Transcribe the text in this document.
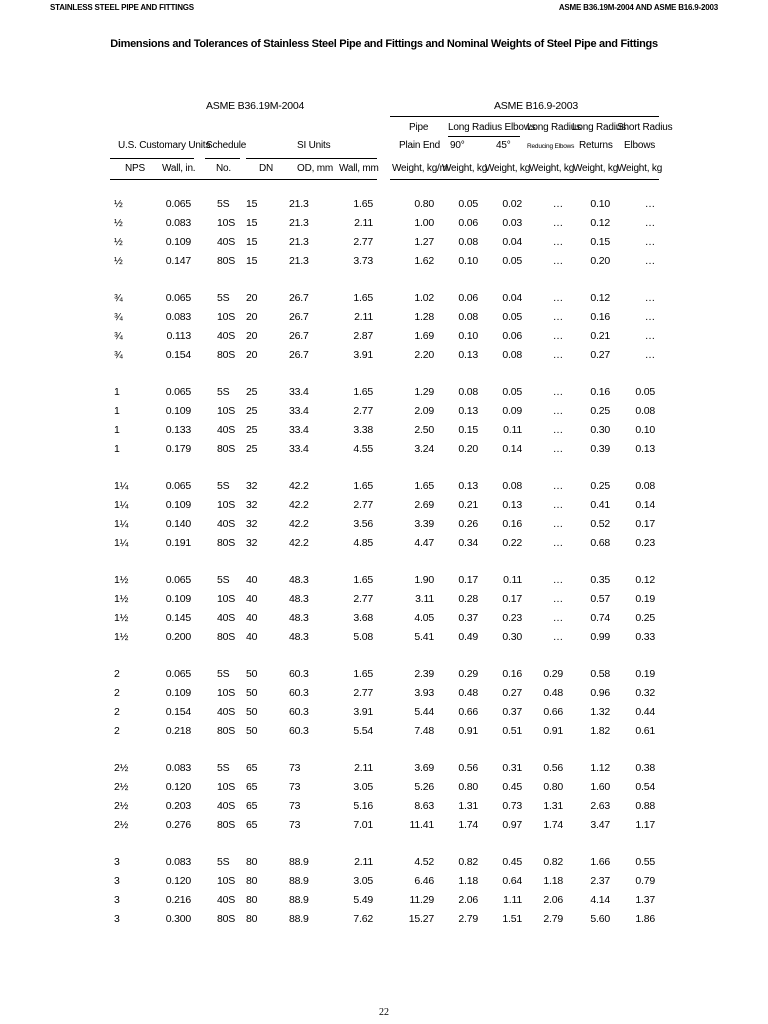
STAINLESS STEEL PIPE AND FITTINGS	ASME B36.19M-2004 AND ASME B16.9-2003
Dimensions and Tolerances of Stainless Steel Pipe and Fittings and Nominal Weights of Steel Pipe and Fittings
ASME B36.19M-2004	ASME B16.9-2003
Pipe Long Radius Elbows
Long Radius
Long Radius
Short Radius
U.S. Customary Units
Schedule	SI Units	Plain End 90°	45°	Reducing Elbows Returns Elbows
NPS Wall, in. No.	DN OD, mm Wall, mm Weight, kg/m
Weight, kg
Weight, kg
Weight, kg
Weight, kg
Weight, kg
½	0.065 5S 15	21.3	1.65	0.80 0.05 0.02	…	0.10	…
½	0.083 10S 15	21.3	2.11	1.00 0.06 0.03	…	0.12	…
½	0.109 40S 15	21.3	2.77	1.27 0.08 0.04	…	0.15	…
½	0.147 80S 15	21.3	3.73	1.62 0.10 0.05	…	0.20	…
¾	0.065 5S 20	26.7	1.65	1.02 0.06 0.04	…	0.12	…
¾	0.083 10S 20	26.7	2.11	1.28 0.08 0.05	…	0.16	…
¾	0.113 40S 20	26.7	2.87	1.69 0.10 0.06	…	0.21	…
¾	0.154 80S 20	26.7	3.91	2.20 0.13 0.08	…	0.27	…
1	0.065 5S 25	33.4	1.65	1.29 0.08 0.05	…	0.16 0.05
1	0.109 10S 25	33.4	2.77	2.09 0.13 0.09	…	0.25 0.08
1	0.133 40S 25	33.4	3.38	2.50 0.15 0.11	…	0.30 0.10
1	0.179 80S 25	33.4	4.55	3.24 0.20 0.14	…	0.39 0.13
1¼	0.065 5S 32	42.2	1.65	1.65 0.13 0.08	…	0.25 0.08
1¼	0.109 10S 32	42.2	2.77	2.69 0.21 0.13	…	0.41 0.14
1¼	0.140 40S 32	42.2	3.56	3.39 0.26 0.16	…	0.52 0.17
1¼	0.191 80S 32	42.2	4.85	4.47 0.34 0.22	…	0.68 0.23
1½	0.065 5S 40	48.3	1.65	1.90 0.17 0.11	…	0.35 0.12
1½	0.109 10S 40	48.3	2.77	3.11 0.28 0.17	…	0.57 0.19
1½	0.145 40S 40	48.3	3.68	4.05 0.37 0.23	…	0.74 0.25
1½	0.200 80S 40	48.3	5.08	5.41 0.49 0.30	…	0.99 0.33
2	0.065 5S 50	60.3	1.65	2.39 0.29 0.16 0.29	0.58 0.19
2	0.109 10S 50	60.3	2.77	3.93 0.48 0.27 0.48	0.96 0.32
2	0.154 40S 50	60.3	3.91	5.44 0.66 0.37 0.66	1.32 0.44
2	0.218 80S 50	60.3	5.54	7.48 0.91 0.51 0.91	1.82 0.61
2½	0.083 5S 65	73	2.11	3.69 0.56 0.31 0.56	1.12 0.38
2½	0.120 10S 65	73	3.05	5.26 0.80 0.45 0.80	1.60 0.54
2½	0.203 40S 65	73	5.16	8.63 1.31 0.73 1.31	2.63 0.88
2½	0.276 80S 65	73	7.01	11.41 1.74 0.97 1.74	3.47 1.17
3	0.083 5S 80	88.9	2.11	4.52 0.82 0.45 0.82	1.66 0.55
3	0.120 10S 80	88.9	3.05	6.46 1.18 0.64 1.18	2.37 0.79
3	0.216 40S 80	88.9	5.49	11.29 2.06 1.11 2.06	4.14 1.37
3	0.300 80S 80	88.9	7.62	15.27 2.79 1.51 2.79	5.60 1.86
22
